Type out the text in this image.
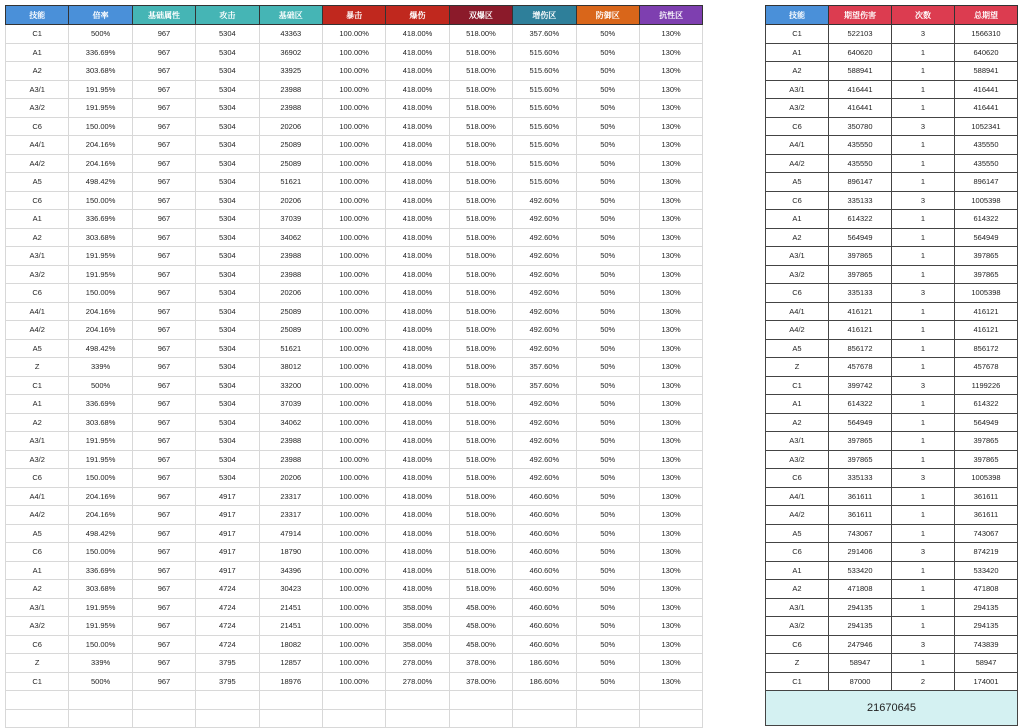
技能	倍率	基础属性	攻击	基础区	暴击	爆伤	双爆区	增伤区	防御区	抗性区	
C1	500%	967	5304	43363	100.00%	418.00%	518.00%	357.60%	50%	130%	
A1	336.69%	967	5304	36902	100.00%	418.00%	518.00%	515.60%	50%	130%	
A2	303.68%	967	5304	33925	100.00%	418.00%	518.00%	515.60%	50%	130%	
A3/1	191.95%	967	5304	23988	100.00%	418.00%	518.00%	515.60%	50%	130%	
A3/2	191.95%	967	5304	23988	100.00%	418.00%	518.00%	515.60%	50%	130%	
C6	150.00%	967	5304	20206	100.00%	418.00%	518.00%	515.60%	50%	130%	
A4/1	204.16%	967	5304	25089	100.00%	418.00%	518.00%	515.60%	50%	130%	
A4/2	204.16%	967	5304	25089	100.00%	418.00%	518.00%	515.60%	50%	130%	
A5	498.42%	967	5304	51621	100.00%	418.00%	518.00%	515.60%	50%	130%	
C6	150.00%	967	5304	20206	100.00%	418.00%	518.00%	492.60%	50%	130%	
A1	336.69%	967	5304	37039	100.00%	418.00%	518.00%	492.60%	50%	130%	
A2	303.68%	967	5304	34062	100.00%	418.00%	518.00%	492.60%	50%	130%	
A3/1	191.95%	967	5304	23988	100.00%	418.00%	518.00%	492.60%	50%	130%	
A3/2	191.95%	967	5304	23988	100.00%	418.00%	518.00%	492.60%	50%	130%	
C6	150.00%	967	5304	20206	100.00%	418.00%	518.00%	492.60%	50%	130%	
A4/1	204.16%	967	5304	25089	100.00%	418.00%	518.00%	492.60%	50%	130%	
A4/2	204.16%	967	5304	25089	100.00%	418.00%	518.00%	492.60%	50%	130%	
A5	498.42%	967	5304	51621	100.00%	418.00%	518.00%	492.60%	50%	130%	
Z	339%	967	5304	38012	100.00%	418.00%	518.00%	357.60%	50%	130%	
C1	500%	967	5304	33200	100.00%	418.00%	518.00%	357.60%	50%	130%	
A1	336.69%	967	5304	37039	100.00%	418.00%	518.00%	492.60%	50%	130%	
A2	303.68%	967	5304	34062	100.00%	418.00%	518.00%	492.60%	50%	130%	
A3/1	191.95%	967	5304	23988	100.00%	418.00%	518.00%	492.60%	50%	130%	
A3/2	191.95%	967	5304	23988	100.00%	418.00%	518.00%	492.60%	50%	130%	
C6	150.00%	967	5304	20206	100.00%	418.00%	518.00%	492.60%	50%	130%	
A4/1	204.16%	967	4917	23317	100.00%	418.00%	518.00%	460.60%	50%	130%	
A4/2	204.16%	967	4917	23317	100.00%	418.00%	518.00%	460.60%	50%	130%	
A5	498.42%	967	4917	47914	100.00%	418.00%	518.00%	460.60%	50%	130%	
C6	150.00%	967	4917	18790	100.00%	418.00%	518.00%	460.60%	50%	130%	
A1	336.69%	967	4917	34396	100.00%	418.00%	518.00%	460.60%	50%	130%	
A2	303.68%	967	4724	30423	100.00%	418.00%	518.00%	460.60%	50%	130%	
A3/1	191.95%	967	4724	21451	100.00%	358.00%	458.00%	460.60%	50%	130%	
A3/2	191.95%	967	4724	21451	100.00%	358.00%	458.00%	460.60%	50%	130%	
C6	150.00%	967	4724	18082	100.00%	358.00%	458.00%	460.60%	50%	130%	
Z	339%	967	3795	12857	100.00%	278.00%	378.00%	186.60%	50%	130%	
C1	500%	967	3795	18976	100.00%	278.00%	378.00%	186.60%	50%	130%	

技能	期望伤害	次数	总期望
C1	522103	3	1566310
A1	640620	1	640620
A2	588941	1	588941
A3/1	416441	1	416441
A3/2	416441	1	416441
C6	350780	3	1052341
A4/1	435550	1	435550
A4/2	435550	1	435550
A5	896147	1	896147
C6	335133	3	1005398
A1	614322	1	614322
A2	564949	1	564949
A3/1	397865	1	397865
A3/2	397865	1	397865
C6	335133	3	1005398
A4/1	416121	1	416121
A4/2	416121	1	416121
A5	856172	1	856172
Z	457678	1	457678
C1	399742	3	1199226
A1	614322	1	614322
A2	564949	1	564949
A3/1	397865	1	397865
A3/2	397865	1	397865
C6	335133	3	1005398
A4/1	361611	1	361611
A4/2	361611	1	361611
A5	743067	1	743067
C6	291406	3	874219
A1	533420	1	533420
A2	471808	1	471808
A3/1	294135	1	294135
A3/2	294135	1	294135
C6	247946	3	743839
Z	58947	1	58947
C1	87000	2	174001
21670645			
